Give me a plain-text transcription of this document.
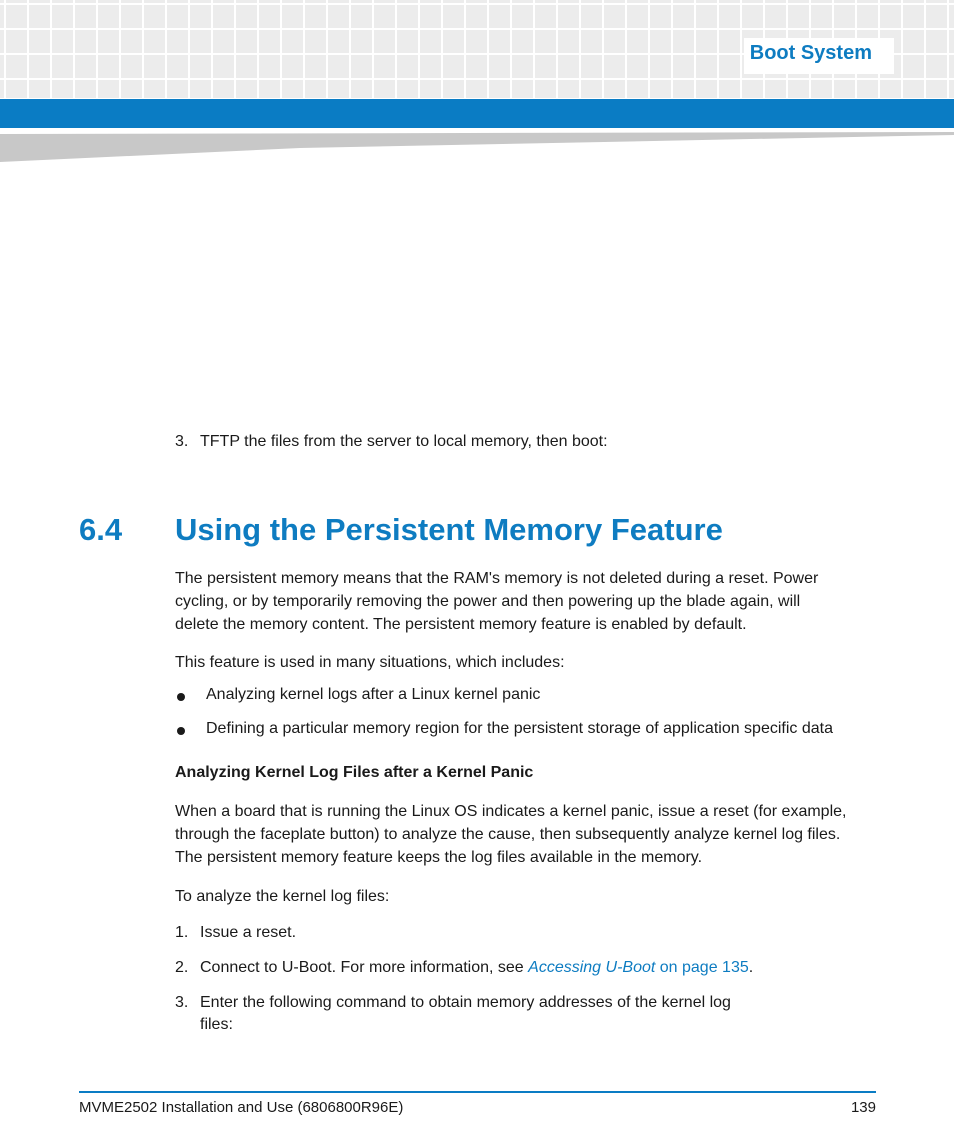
Boot System
3. TFTP the files from the server to local memory, then boot:
6.4 Using the Persistent Memory Feature
The persistent memory means that the RAM's memory is not deleted during a reset. Power
cycling, or by temporarily removing the power and then powering up the blade again, will
delete the memory content. The persistent memory feature is enabled by default.
This feature is used in many situations, which includes:
Analyzing kernel logs after a Linux kernel panic
Defining a particular memory region for the persistent storage of application specific data
Analyzing Kernel Log Files after a Kernel Panic
When a board that is running the Linux OS indicates a kernel panic, issue a reset (for example,
through the faceplate button) to analyze the cause, then subsequently analyze kernel log files.
The persistent memory feature keeps the log files available in the memory.
To analyze the kernel log files:
1. Issue a reset.
2. Connect to U-Boot. For more information, see Accessing U-Boot on page 135.
3. Enter the following command to obtain memory addresses of the kernel log
files:
MVME2502 Installation and Use (6806800R96E)	139
